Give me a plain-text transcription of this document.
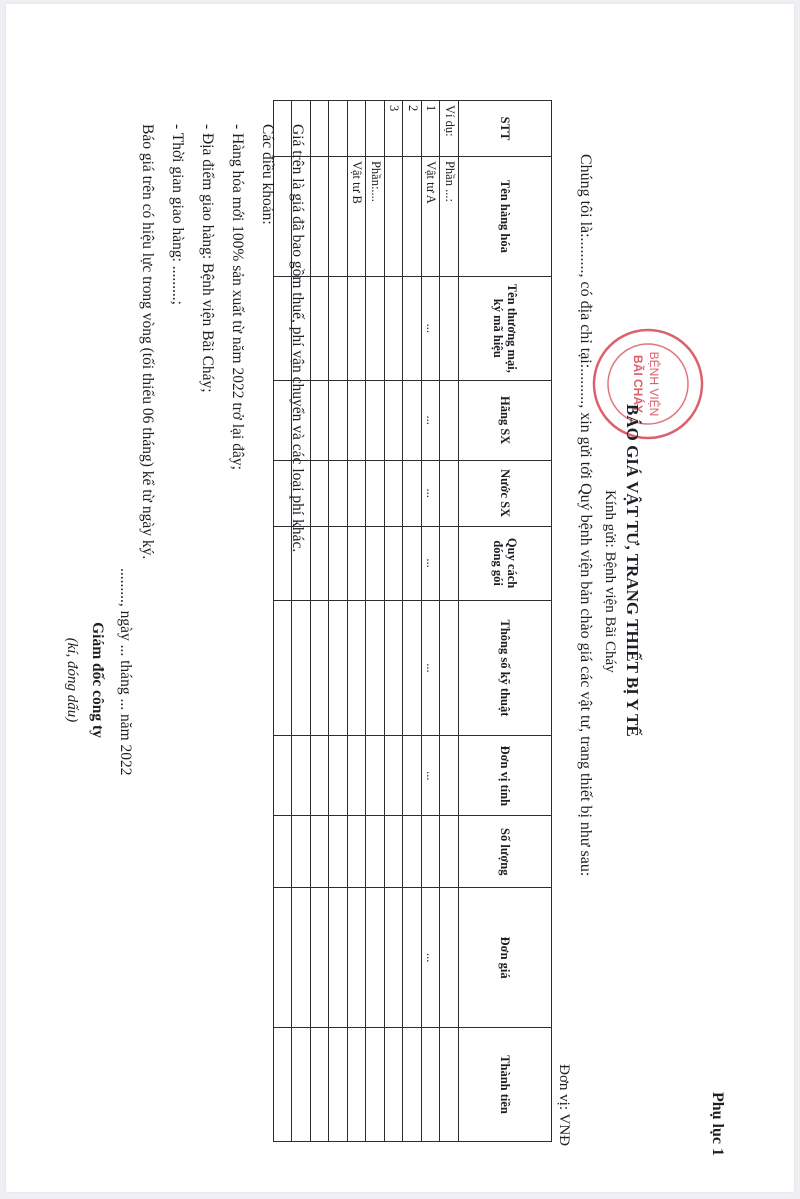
Phụ lục 1
BỆNH VIỆN
BÃI CHÁY
BÁO GIÁ VẬT TƯ, TRANG THIẾT BỊ Y TẾ
Kính gửi: Bệnh viện Bãi Cháy
Chúng tôi là:........., có địa chỉ tại:........., xin gửi tới Quý bệnh viện bản chào giá các vật tư, trang thiết bị như sau:
Đơn vị: VNĐ
STT	Tên hàng hóa	Tên thương mại, ký mã hiệu	Hãng SX	Nước SX	Quy cách đóng gói	Thông số kỹ thuật	Đơn vị tính	Số lượng	Đơn giá	Thành tiền
Ví dụ:	Phần ...:									
1	Vật tư A	...	...	...	...	...	...		...	
2										
3										
	Phần:....									
	Vật tư B									

Giá trên là giá đã bao gồm thuế, phí vận chuyển và các loại phí khác.
Các điều khoản:
- Hàng hóa mới 100% sản xuất từ năm 2022 trở lại đây;
- Địa điểm giao hàng: Bệnh viện Bãi Cháy;
- Thời gian giao hàng: .........;
Báo giá trên có hiệu lực trong vòng (tối thiểu 06 tháng) kể từ ngày ký.
........., ngày ... tháng ... năm 2022
Giám đốc công ty
(kí, đóng dấu)
